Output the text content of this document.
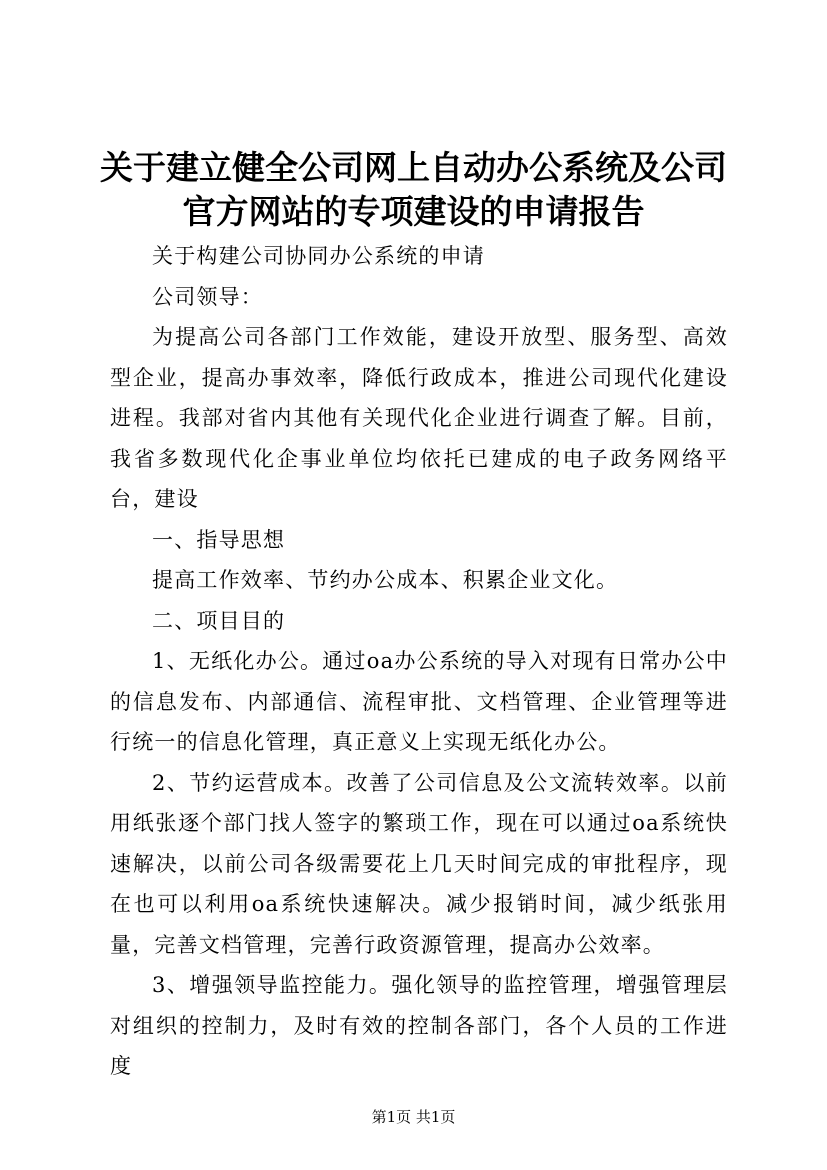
关于建立健全公司网上自动办公系统及公司官方网站的专项建设的申请报告

关于构建公司协同办公系统的申请

公司领导：

为提高公司各部门工作效能，建设开放型、服务型、高效型企业，提高办事效率，降低行政成本，推进公司现代化建设进程。我部对省内其他有关现代化企业进行调查了解。目前，我省多数现代化企事业单位均依托已建成的电子政务网络平台，建设

一、指导思想

提高工作效率、节约办公成本、积累企业文化。

二、项目目的

1、无纸化办公。通过oa办公系统的导入对现有日常办公中的信息发布、内部通信、流程审批、文档管理、企业管理等进行统一的信息化管理，真正意义上实现无纸化办公。

2、节约运营成本。改善了公司信息及公文流转效率。以前用纸张逐个部门找人签字的繁琐工作，现在可以通过oa系统快速解决，以前公司各级需要花上几天时间完成的审批程序，现在也可以利用oa系统快速解决。减少报销时间，减少纸张用量，完善文档管理，完善行政资源管理，提高办公效率。

3、增强领导监控能力。强化领导的监控管理，增强管理层对组织的控制力，及时有效的控制各部门，各个人员的工作进度

第1页 共1页
